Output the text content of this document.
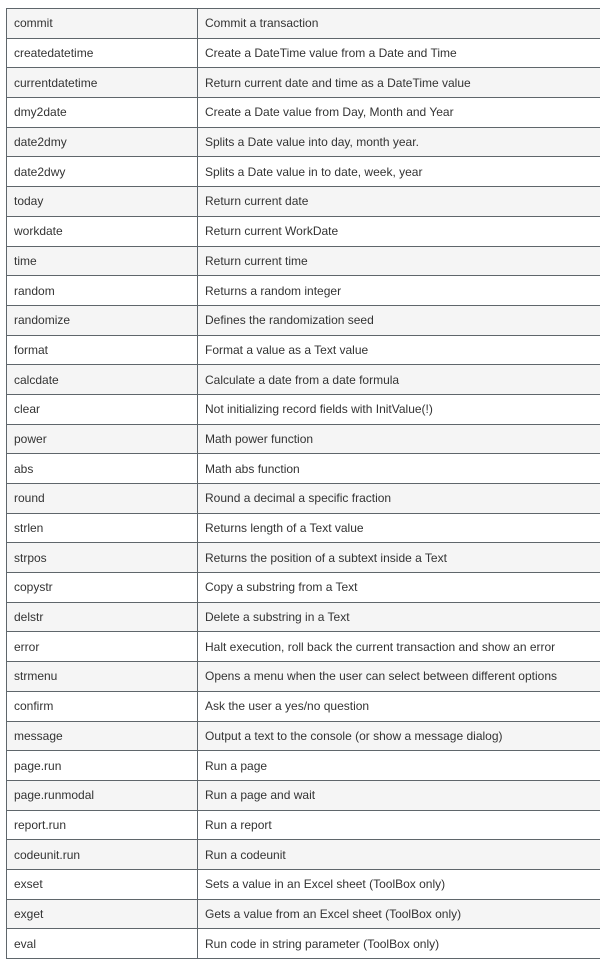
commit	Commit a transaction
createdatetime	Create a DateTime value from a Date and Time
currentdatetime	Return current date and time as a DateTime value
dmy2date	Create a Date value from Day, Month and Year
date2dmy	Splits a Date value into day, month year.
date2dwy	Splits a Date value in to date, week, year
today	Return current date
workdate	Return current WorkDate
time	Return current time
random	Returns a random integer
randomize	Defines the randomization seed
format	Format a value as a Text value
calcdate	Calculate a date from a date formula
clear	Not initializing record fields with InitValue(!)
power	Math power function
abs	Math abs function
round	Round a decimal a specific fraction
strlen	Returns length of a Text value
strpos	Returns the position of a subtext inside a Text
copystr	Copy a substring from a Text
delstr	Delete a substring in a Text
error	Halt execution, roll back the current transaction and show an error
strmenu	Opens a menu when the user can select between different options
confirm	Ask the user a yes/no question
message	Output a text to the console (or show a message dialog)
page.run	Run a page
page.runmodal	Run a page and wait
report.run	Run a report
codeunit.run	Run a codeunit
exset	Sets a value in an Excel sheet (ToolBox only)
exget	Gets a value from an Excel sheet (ToolBox only)
eval	Run code in string parameter (ToolBox only)
